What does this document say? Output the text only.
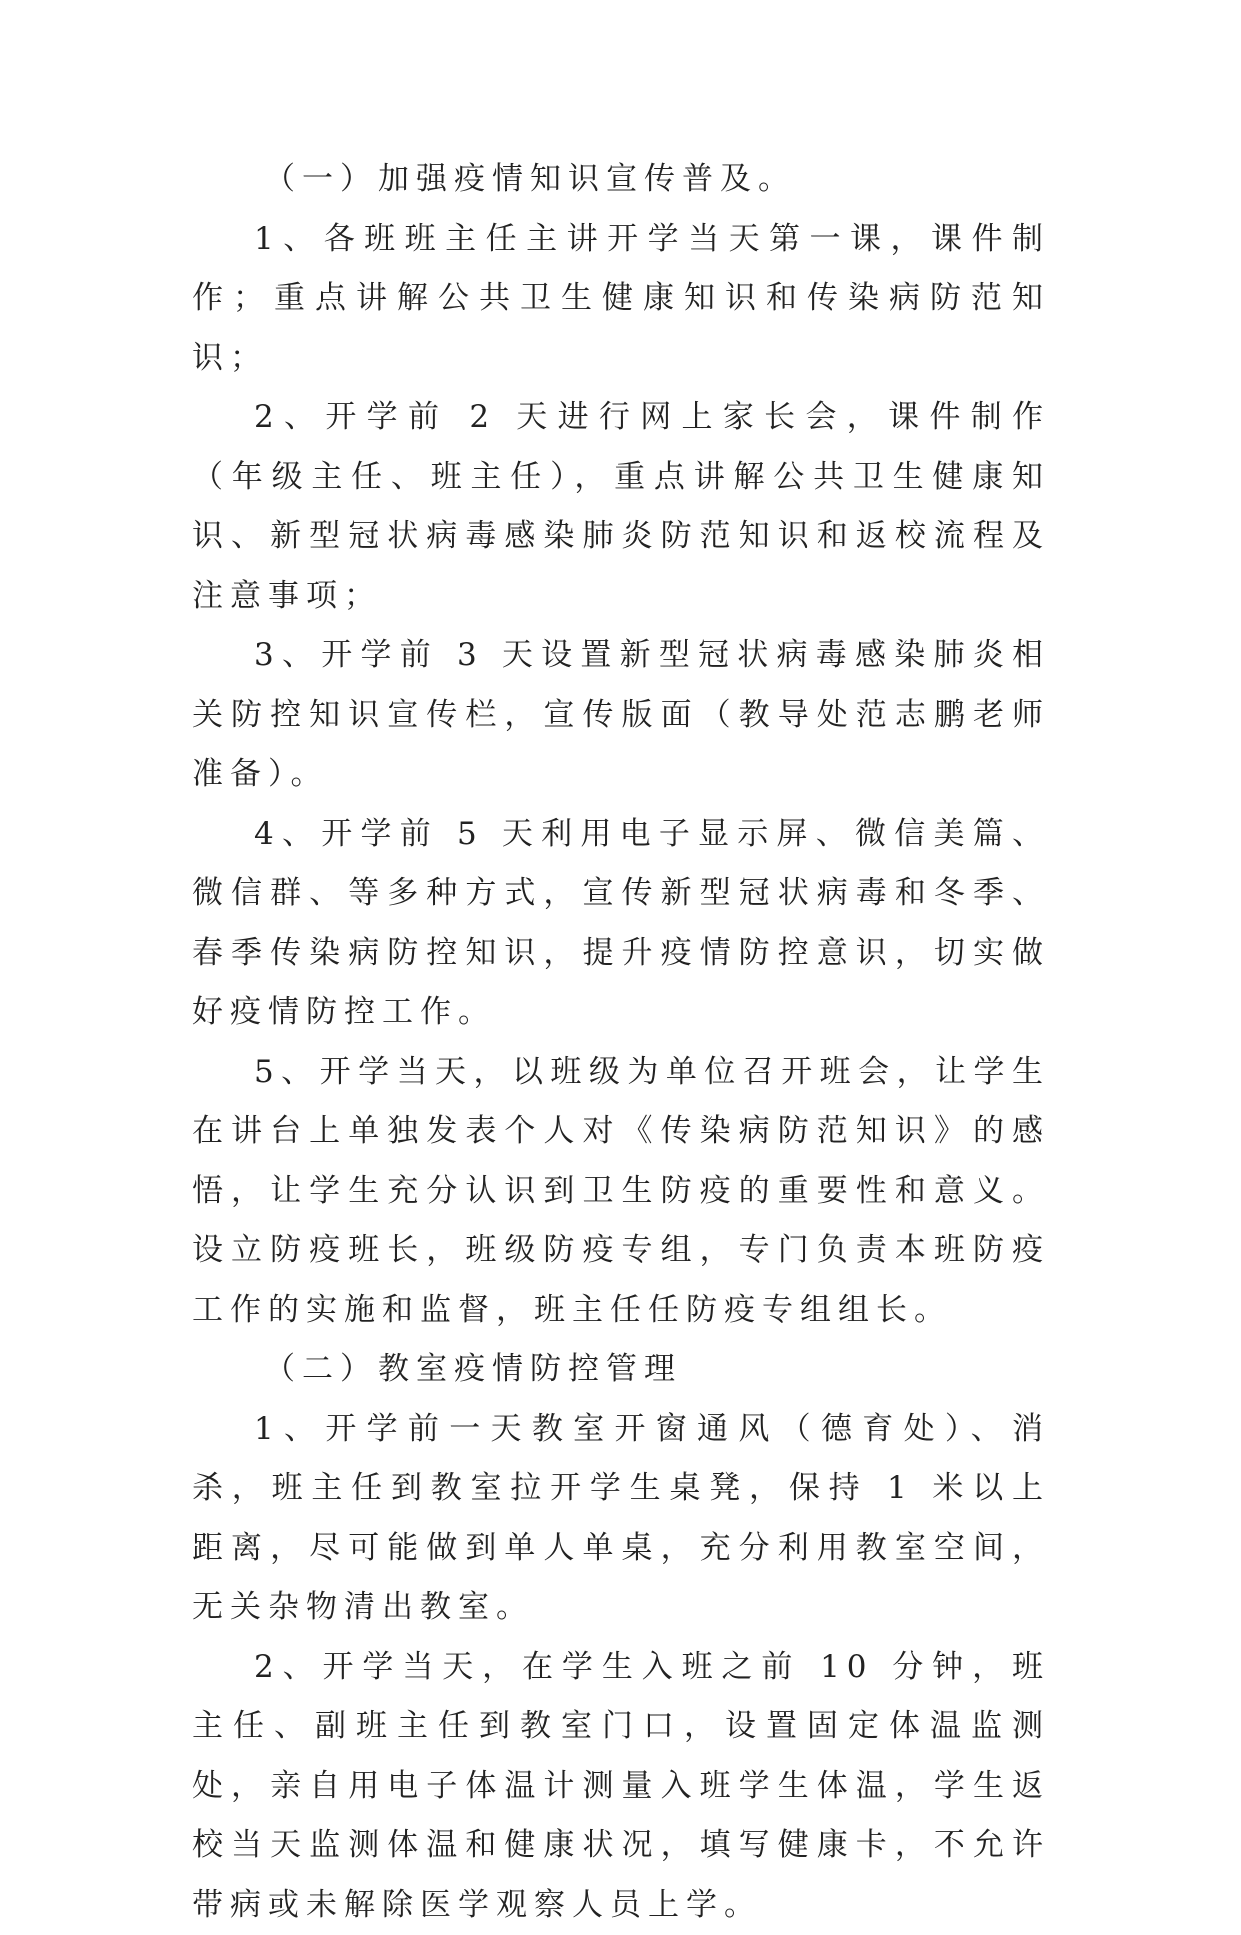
（一）加强疫情知识宣传普及。

1、各班班主任主讲开学当天第一课，课件制作；重点讲解公共卫生健康知识和传染病防范知识；

2、开学前 2 天进行网上家长会，课件制作（年级主任、班主任），重点讲解公共卫生健康知识、新型冠状病毒感染肺炎防范知识和返校流程及注意事项；

3、开学前 3 天设置新型冠状病毒感染肺炎相关防控知识宣传栏，宣传版面（教导处范志鹏老师准备）。

4、开学前 5 天利用电子显示屏、微信美篇、微信群、等多种方式，宣传新型冠状病毒和冬季、春季传染病防控知识，提升疫情防控意识，切实做好疫情防控工作。

5、开学当天，以班级为单位召开班会，让学生在讲台上单独发表个人对《传染病防范知识》的感悟，让学生充分认识到卫生防疫的重要性和意义。设立防疫班长，班级防疫专组，专门负责本班防疫工作的实施和监督，班主任任防疫专组组长。

（二）教室疫情防控管理

1、开学前一天教室开窗通风（德育处）、消杀，班主任到教室拉开学生桌凳，保持 1 米以上距离，尽可能做到单人单桌，充分利用教室空间，无关杂物清出教室。

2、开学当天，在学生入班之前 10 分钟，班主任、副班主任到教室门口，设置固定体温监测处，亲自用电子体温计测量入班学生体温，学生返校当天监测体温和健康状况，填写健康卡，不允许带病或未解除医学观察人员上学。
